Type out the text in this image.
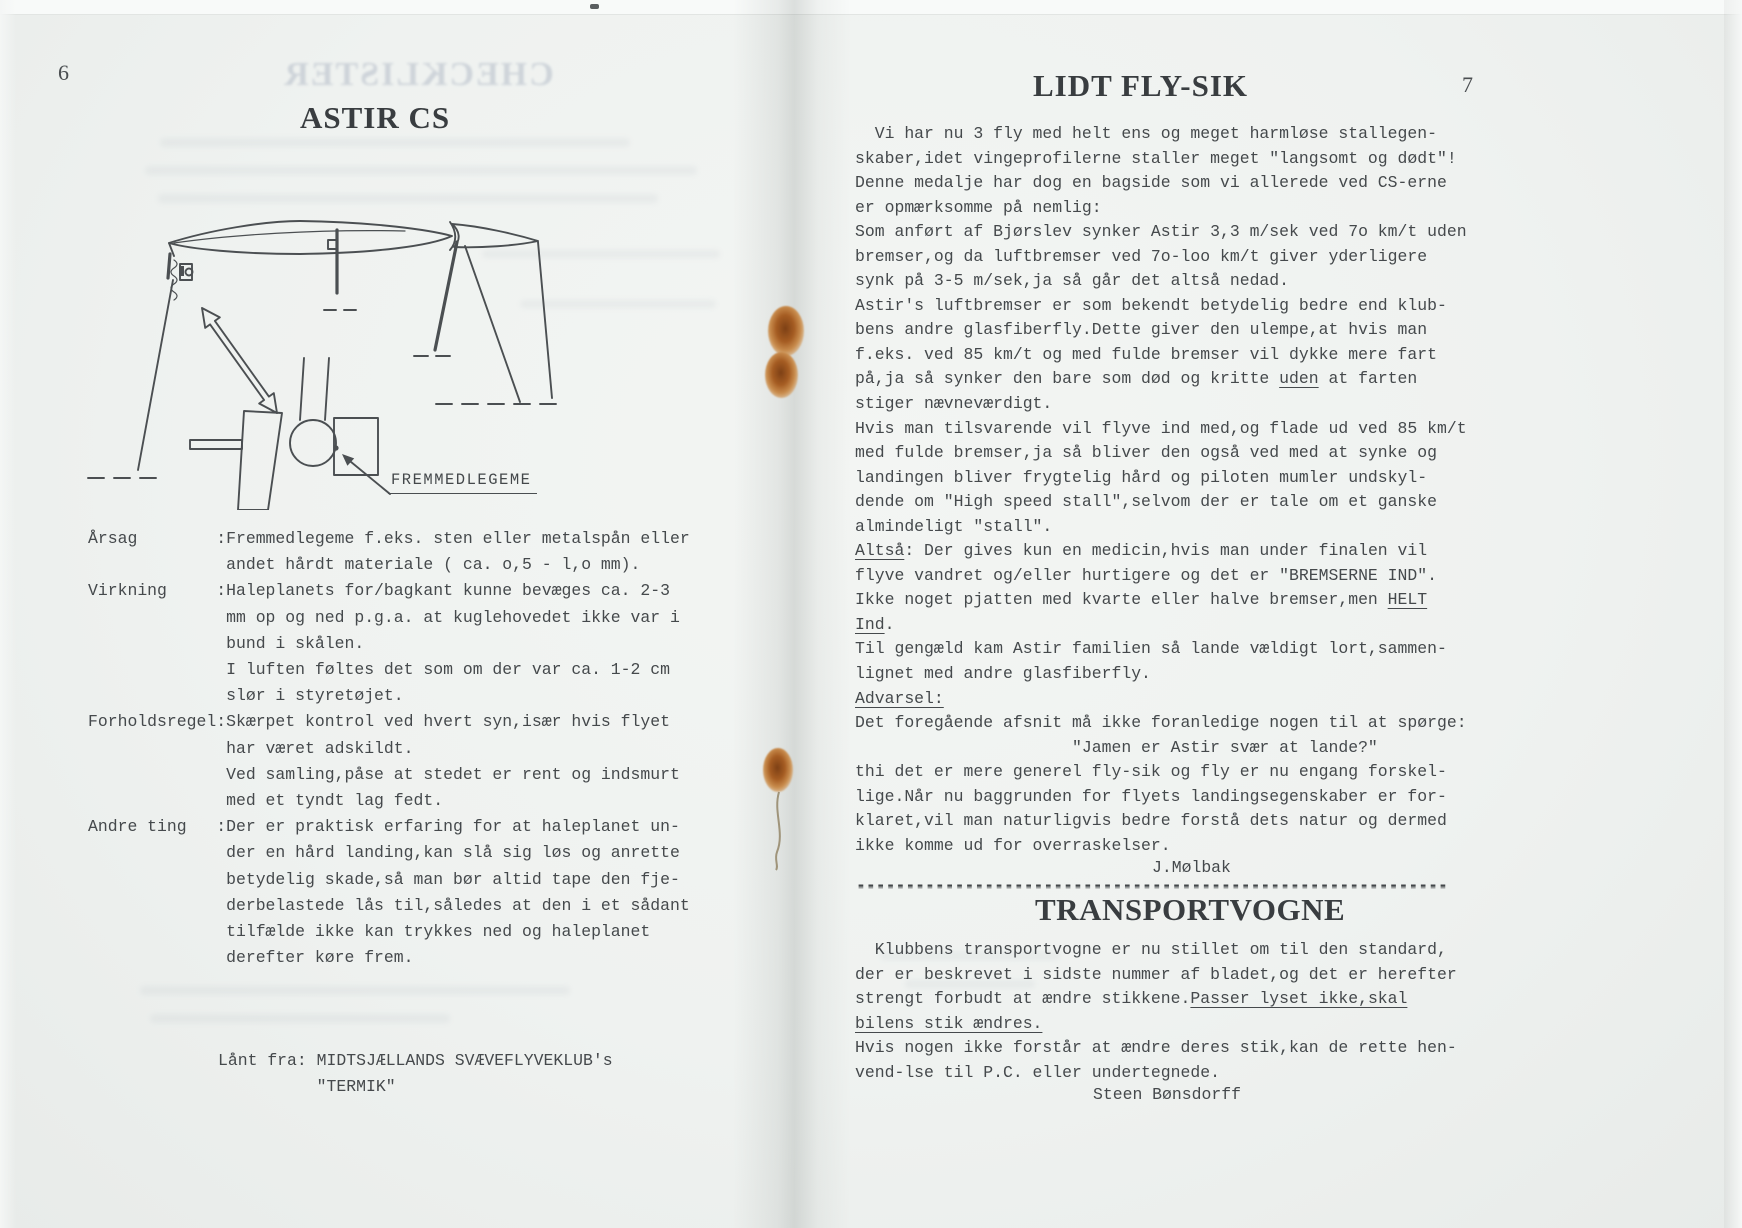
CHECKLISTER
6
ASTIR CS
FREMMEDLEGEME
Årsag        :Fremmedlegeme f.eks. sten eller metalspån eller
andet hårdt materiale ( ca. o,5 - l,o mm).
Virkning     :Haleplanets for/bagkant kunne bevæges ca. 2-3
mm op og ned p.g.a. at kuglehovedet ikke var i
bund i skålen.
I luften føltes det som om der var ca. 1-2 cm
slør i styretøjet.
Forholdsregel:Skærpet kontrol ved hvert syn,især hvis flyet
har været adskildt.
Ved samling,påse at stedet er rent og indsmurt
med et tyndt lag fedt.
Andre ting   :Der er praktisk erfaring for at haleplanet un-
der en hård landing,kan slå sig løs og anrette
betydelig skade,så man bør altid tape den fje-
derbelastede lås til,således at den i et sådant
tilfælde ikke kan trykkes ned og haleplanet
derefter køre frem.
Lånt fra: MIDTSJÆLLANDS SVÆVEFLYVEKLUB's
"TERMIK"
LIDT FLY-SIK	7
Vi har nu 3 fly med helt ens og meget harmløse stallegen-
skaber,idet vingeprofilerne staller meget "langsomt og dødt"!
Denne medalje har dog en bagside som vi allerede ved CS-erne
er opmærksomme på nemlig:
Som anført af Bjørslev synker Astir 3,3 m/sek ved 7o km/t uden
bremser,og da luftbremser ved 7o-loo km/t giver yderligere
synk på 3-5 m/sek,ja så går det altså nedad.
Astir's luftbremser er som bekendt betydelig bedre end klub-
bens andre glasfiberfly.Dette giver den ulempe,at hvis man
f.eks. ved 85 km/t og med fulde bremser vil dykke mere fart
på,ja så synker den bare som død og kritte uden at farten
stiger nævneværdigt.
Hvis man tilsvarende vil flyve ind med,og flade ud ved 85 km/t
med fulde bremser,ja så bliver den også ved med at synke og
landingen bliver frygtelig hård og piloten mumler undskyl-
dende om "High speed stall",selvom der er tale om et ganske
almindeligt "stall".
Altså: Der gives kun en medicin,hvis man under finalen vil
flyve vandret og/eller hurtigere og det er "BREMSERNE IND".
Ikke noget pjatten med kvarte eller halve bremser,men HELT
Ind.
Til gengæld kam Astir familien så lande vældigt lort,sammen-
lignet med andre glasfiberfly.
Advarsel:
Det foregående afsnit må ikke foranledige nogen til at spørge:
"Jamen er Astir svær at lande?"
thi det er mere generel fly-sik og fly er nu engang forskel-
lige.Når nu baggrunden for flyets landingsegenskaber er for-
klaret,vil man naturligvis bedre forstå dets natur og dermed
ikke komme ud for overraskelser.
J.Mølbak
------------------------------------------------------------
TRANSPORTVOGNE
Klubbens transportvogne er nu stillet om til den standard,
der er beskrevet i sidste nummer af bladet,og det er herefter
strengt forbudt at ændre stikkene.Passer lyset ikke,skal
bilens stik ændres.
Hvis nogen ikke forstår at ændre deres stik,kan de rette hen-
vend-lse til P.C. eller undertegnede.
Steen Bønsdorff
